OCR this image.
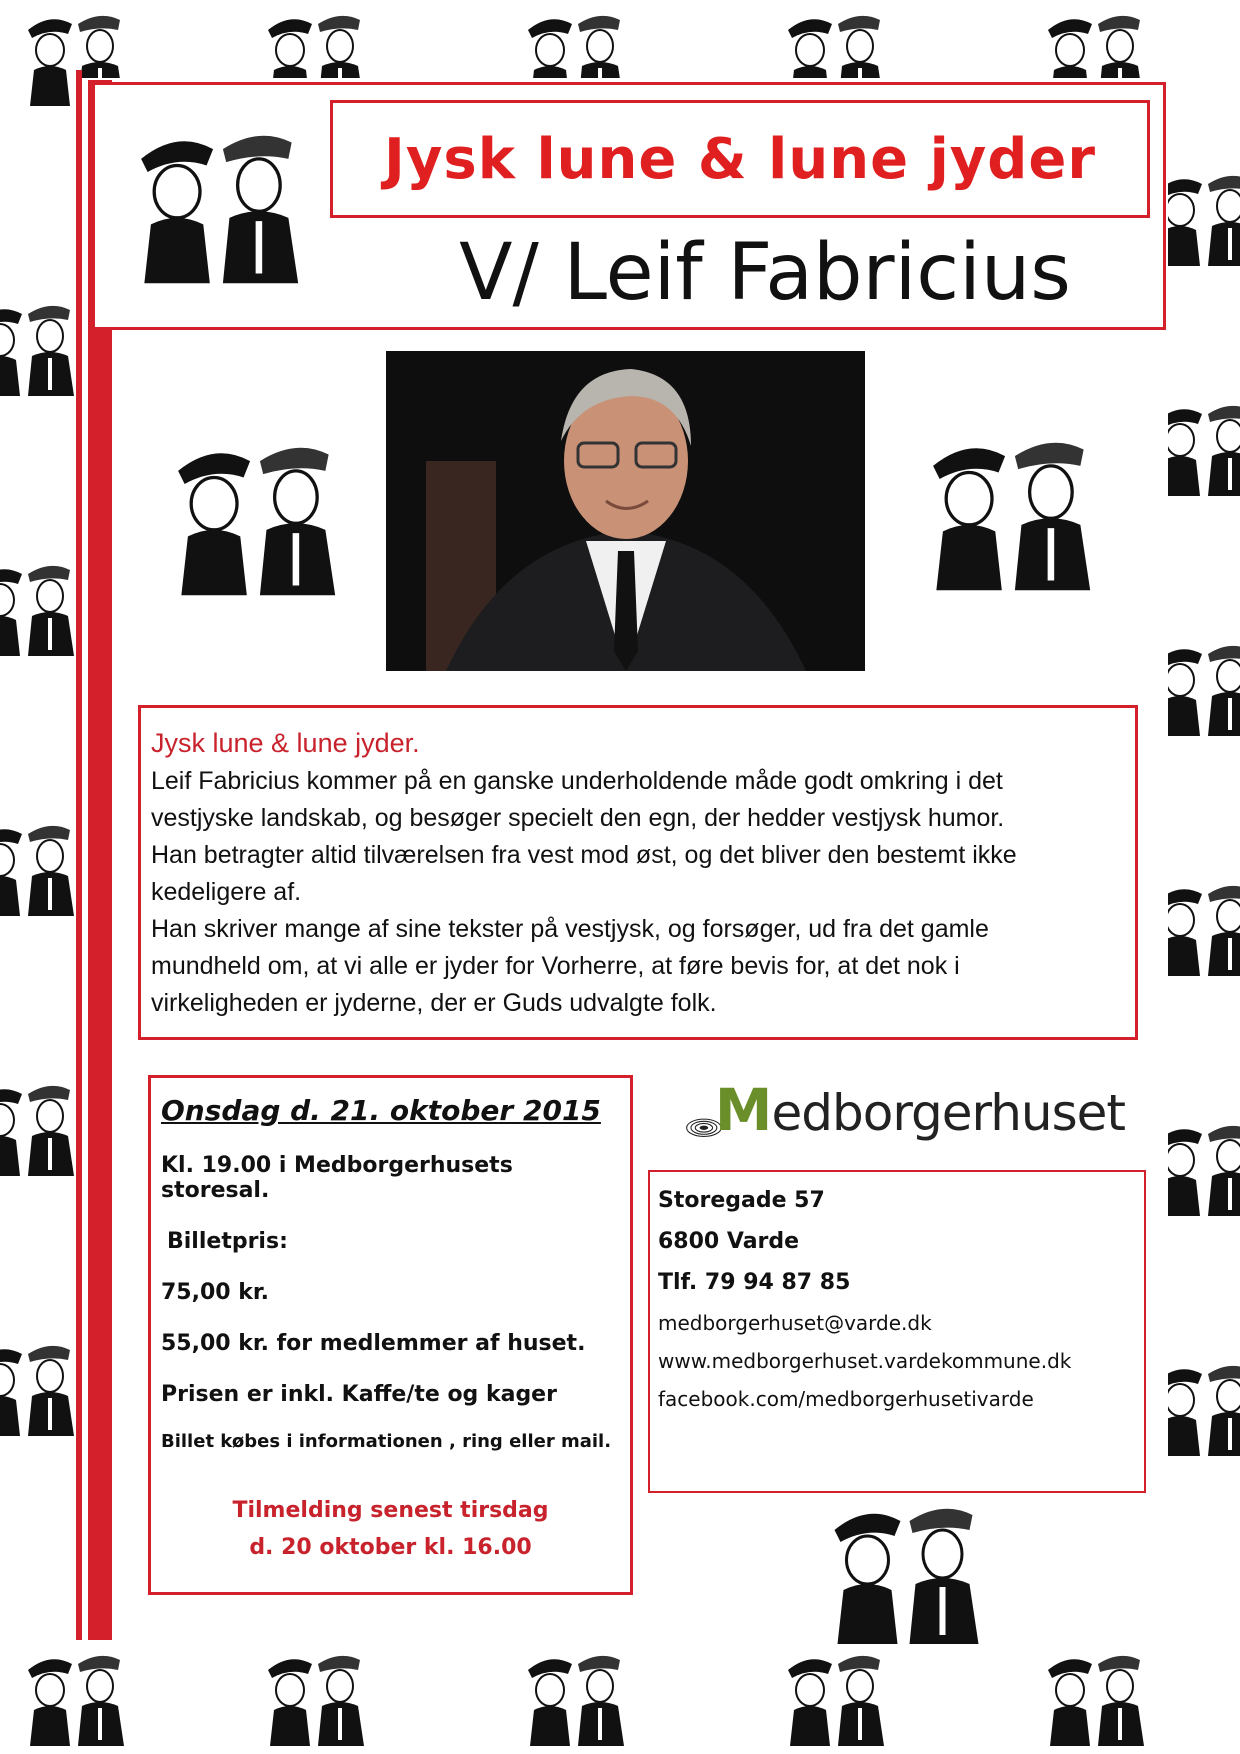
Jysk lune & lune jyder
V/ Leif Fabricius
Jysk lune & lune jyder.
Leif Fabricius kommer på en ganske underholdende måde godt omkring i det
vestjyske landskab, og besøger specielt den egn, der hedder vestjysk humor.
Han betragter altid tilværelsen fra vest mod øst, og det bliver den bestemt ikke
kedeligere af.
Han skriver mange af sine tekster på vestjysk, og forsøger, ud fra det gamle
mundheld om, at vi alle er jyder for Vorherre, at føre bevis for, at det nok i
virkeligheden er jyderne, der er Guds udvalgte folk.
Onsdag d. 21. oktober 2015
Kl. 19.00 i Medborgerhusets storesal.
Billetpris:
75,00 kr.
55,00 kr. for medlemmer af huset.
Prisen er inkl. Kaffe/te og kager
Billet købes i informationen , ring eller mail.
Tilmelding senest tirsdag
d. 20 oktober kl. 16.00
Medborgerhuset
Storegade 57
6800 Varde
Tlf. 79 94 87 85
medborgerhuset@varde.dk
www.medborgerhuset.vardekommune.dk
facebook.com/medborgerhusetivarde
